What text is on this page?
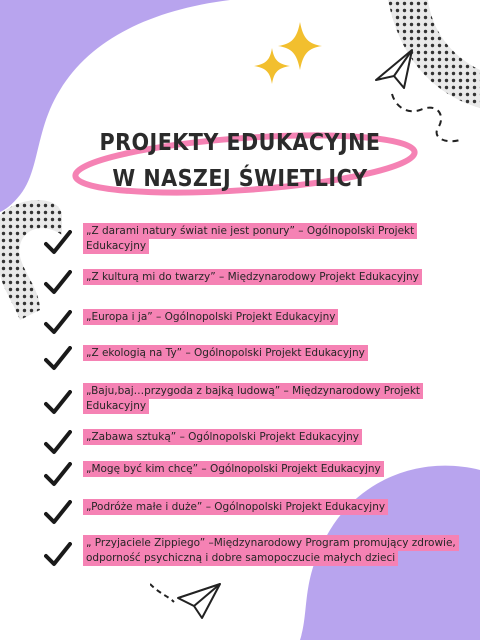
PROJEKTY EDUKACYJNE
W NASZEJ ŚWIETLICY
„Z darami natury świat nie jest ponury” – Ogólnopolski Projekt Edukacyjny
„Z kulturą mi do twarzy” – Międzynarodowy Projekt Edukacyjny
„Europa i ja” – Ogólnopolski Projekt Edukacyjny
„Z ekologią na Ty” – Ogólnopolski Projekt Edukacyjny
„Baju,baj…przygoda z bajką ludową” – Międzynarodowy Projekt Edukacyjny
„Zabawa sztuką” – Ogólnopolski Projekt Edukacyjny
„Mogę być kim chcę” – Ogólnopolski Projekt Edukacyjny
„Podróże małe i duże” – Ogólnopolski Projekt Edukacyjny
„ Przyjaciele Zippiego” –Międzynarodowy Program promujący zdrowie, odporność psychiczną i dobre samopoczucie małych dzieci
